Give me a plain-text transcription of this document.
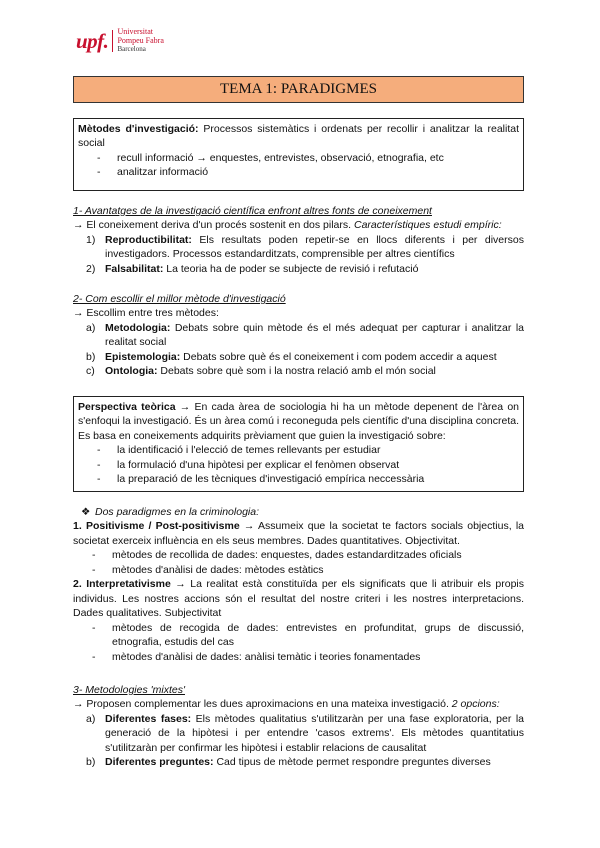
upf.	Universitat
Pompeu Fabra
Barcelona
TEMA 1: PARADIGMES
Mètodes d'investigació: Processos sistemàtics i ordenats per recollir i analitzar la realitat social
- recull informació → enquestes, entrevistes, observació, etnografia, etc
- analitzar informació
1- Avantatges de la investigació científica enfront altres fonts de coneixement
→ El coneixement deriva d'un procés sostenit en dos pilars. Característiques estudi empíric:
1) Reproductibilitat: Els resultats poden repetir-se en llocs diferents i per diversos investigadors. Processos estandarditzats, comprensible per altres científics
2) Falsabilitat: La teoria ha de poder se subjecte de revisió i refutació
2- Com escollir el millor mètode d'investigació
→ Escollim entre tres mètodes:
a) Metodologia: Debats sobre quin mètode és el més adequat per capturar i analitzar la realitat social
b) Epistemologia: Debats sobre què és el coneixement i com podem accedir a aquest
c) Ontologia: Debats sobre què som i la nostra relació amb el món social
Perspectiva teòrica → En cada àrea de sociologia hi ha un mètode depenent de l'àrea on s'enfoqui la investigació. És un àrea comú i reconeguda pels científic d'una disciplina concreta. Es basa en coneixements adquirits prèviament que guien la investigació sobre:
- la identificació i l'elecció de temes rellevants per estudiar
- la formulació d'una hipòtesi per explicar el fenòmen observat
- la preparació de les tècniques d'investigació empírica neccessària
❖ Dos paradigmes en la criminologia:
1. Positivisme / Post-positivisme → Assumeix que la societat te factors socials objectius, la societat exerceix influència en els seus membres. Dades quantitatives. Objectivitat.
- mètodes de recollida de dades: enquestes, dades estandarditzades oficials
- mètodes d'anàlisi de dades: mètodes estàtics
2. Interpretativisme → La realitat està constituïda per els significats que li atribuir els propis individus. Les nostres accions són el resultat del nostre criteri i les nostres interpretacions. Dades qualitatives. Subjectivitat
- mètodes de recogida de dades: entrevistes en profunditat, grups de discussió, etnografia, estudis del cas
- mètodes d'anàlisi de dades: anàlisi temàtic i teories fonamentades
3- Metodologies 'mixtes'
→ Proposen complementar les dues aproximacions en una mateixa investigació. 2 opcions:
a) Diferentes fases: Els mètodes qualitatius s'utilitzaràn per una fase exploratoria, per la generació de la hipòtesi i per entendre 'casos extrems'. Els mètodes quantitatius s'utilitzaràn per confirmar les hipòtesi i establir relacions de causalitat
b) Diferentes preguntes: Cad tipus de mètode permet respondre preguntes diverses
